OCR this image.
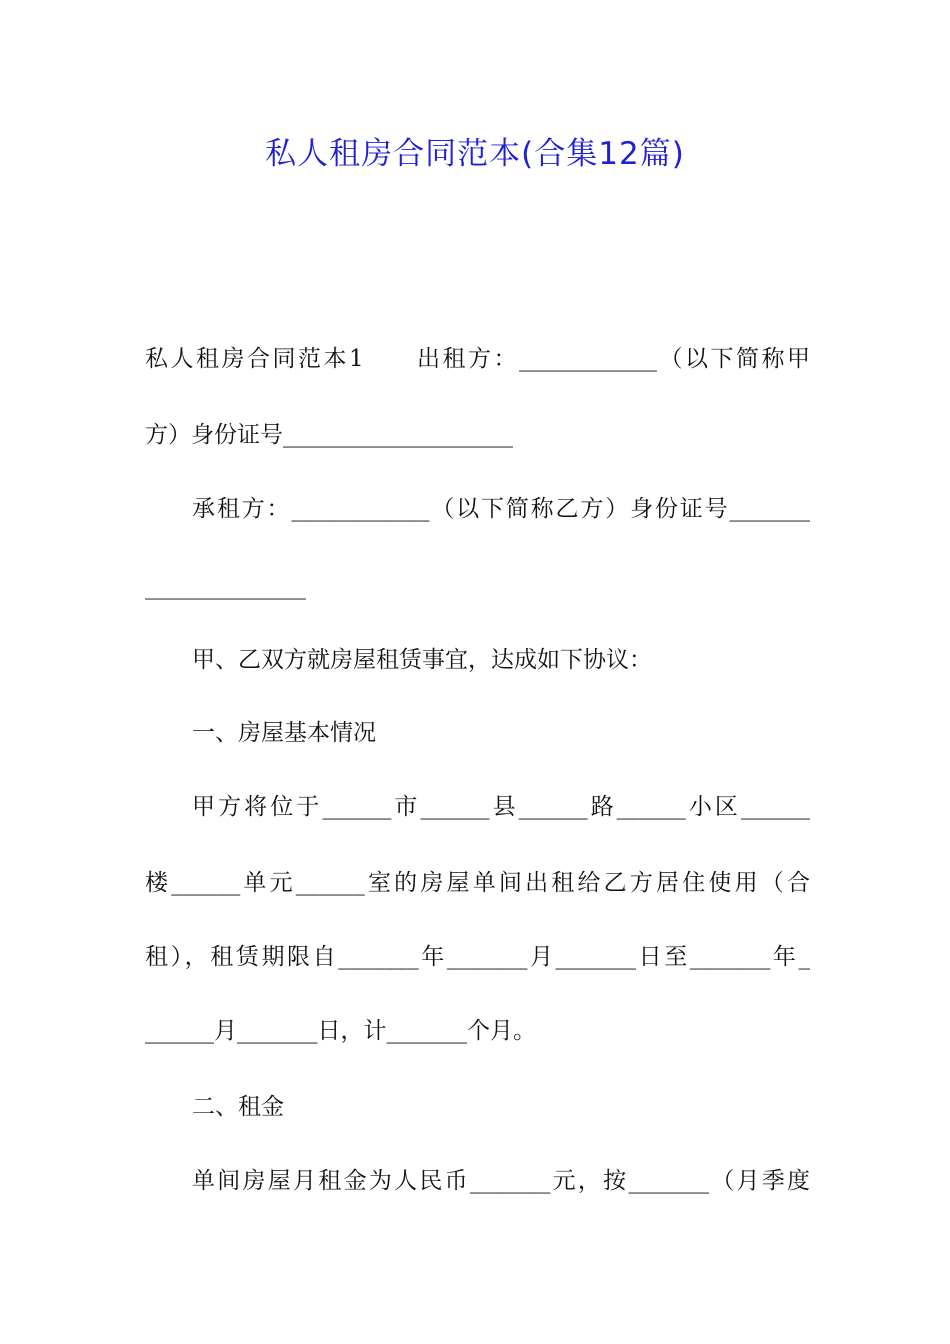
私人租房合同范本(合集12篇)

私人租房合同范本1　　出租方：____________（以下简称甲

方）身份证号____________________

承租方：____________（以下简称乙方）身份证号_______

______________

甲、乙双方就房屋租赁事宜，达成如下协议：

一、房屋基本情况

甲方将位于______市______县______路______小区______

楼______单元______室的房屋单间出租给乙方居住使用（合

租），租赁期限自_______年_______月_______日至_______年_

______月_______日，计_______个月。

二、租金

单间房屋月租金为人民币_______元，按_______（月季度
